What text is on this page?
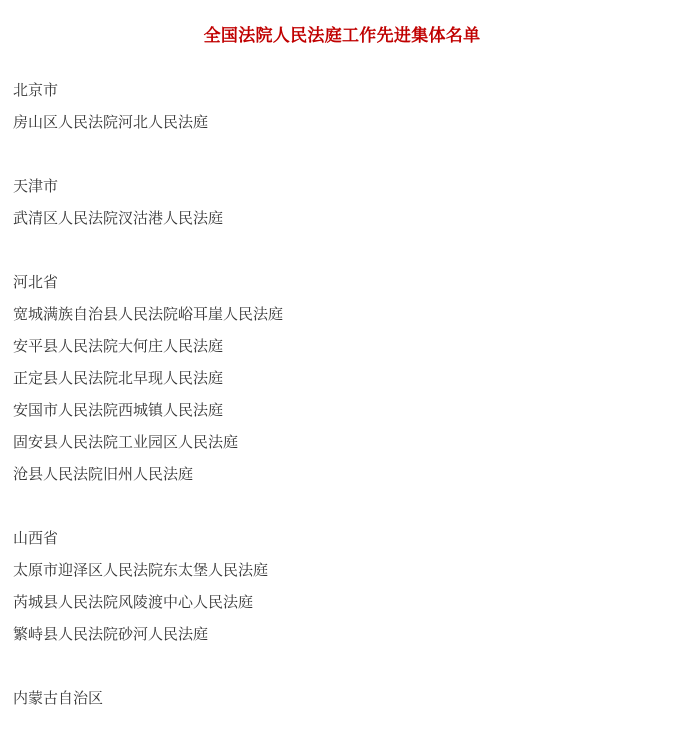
全国法院人民法庭工作先进集体名单
北京市
房山区人民法院河北人民法庭
天津市
武清区人民法院汊沽港人民法庭
河北省
宽城满族自治县人民法院峪耳崖人民法庭
安平县人民法院大何庄人民法庭
正定县人民法院北早现人民法庭
安国市人民法院西城镇人民法庭
固安县人民法院工业园区人民法庭
沧县人民法院旧州人民法庭
山西省
太原市迎泽区人民法院东太堡人民法庭
芮城县人民法院风陵渡中心人民法庭
繁峙县人民法院砂河人民法庭
内蒙古自治区
